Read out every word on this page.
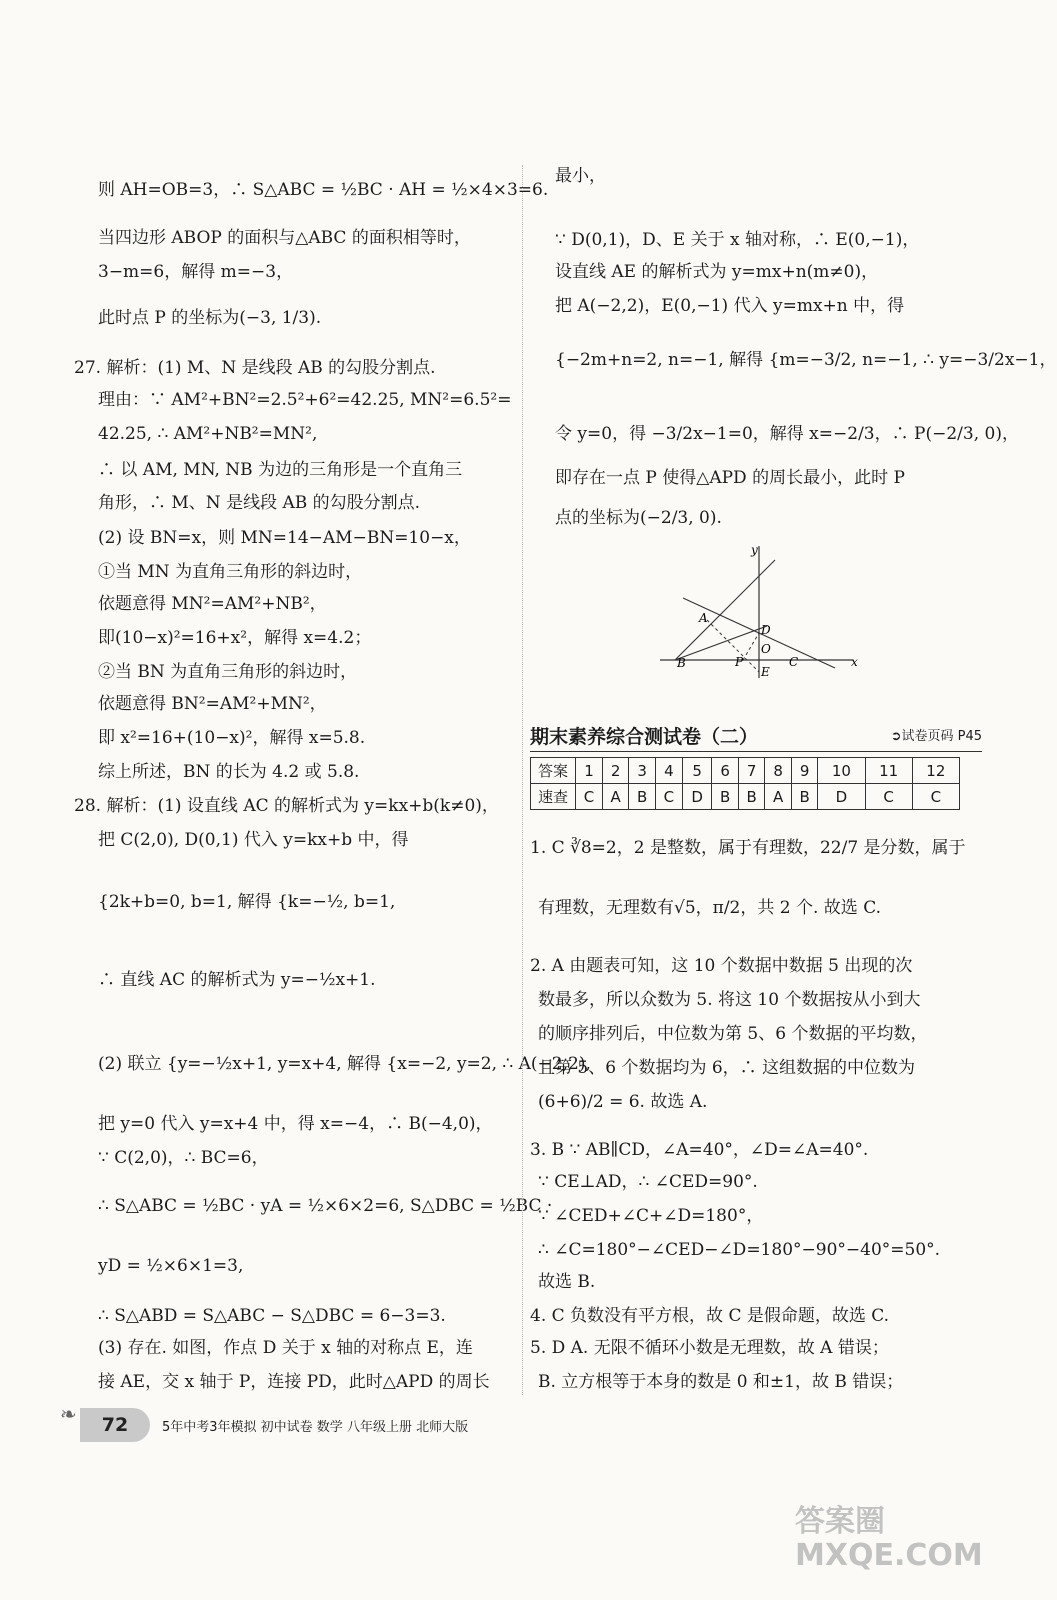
则 AH=OB=3，∴ S△ABC = ½BC · AH = ½×4×3=6.
当四边形 ABOP 的面积与△ABC 的面积相等时，
3−m=6，解得 m=−3，
此时点 P 的坐标为(−3, 1/3).
27. 解析：(1) M、N 是线段 AB 的勾股分割点.
理由：∵ AM²+BN²=2.5²+6²=42.25, MN²=6.5²=
42.25, ∴ AM²+NB²=MN²,
∴ 以 AM, MN, NB 为边的三角形是一个直角三
角形，∴ M、N 是线段 AB 的勾股分割点.
(2) 设 BN=x，则 MN=14−AM−BN=10−x，
①当 MN 为直角三角形的斜边时，
依题意得 MN²=AM²+NB²，
即(10−x)²=16+x²，解得 x=4.2；
②当 BN 为直角三角形的斜边时，
依题意得 BN²=AM²+MN²，
即 x²=16+(10−x)²，解得 x=5.8.
综上所述，BN 的长为 4.2 或 5.8.
28. 解析：(1) 设直线 AC 的解析式为 y=kx+b(k≠0)，
把 C(2,0), D(0,1) 代入 y=kx+b 中，得
{2k+b=0, b=1, 解得 {k=−½, b=1,
∴ 直线 AC 的解析式为 y=−½x+1.
(2) 联立 {y=−½x+1, y=x+4, 解得 {x=−2, y=2, ∴ A(−2,2),
把 y=0 代入 y=x+4 中，得 x=−4，∴ B(−4,0)，
∵ C(2,0)，∴ BC=6，
∴ S△ABC = ½BC · yA = ½×6×2=6, S△DBC = ½BC ·
yD = ½×6×1=3,
∴ S△ABD = S△ABC − S△DBC = 6−3=3.
(3) 存在. 如图，作点 D 关于 x 轴的对称点 E，连
接 AE，交 x 轴于 P，连接 PD，此时△APD 的周长
最小，
∵ D(0,1)，D、E 关于 x 轴对称，∴ E(0,−1)，
设直线 AE 的解析式为 y=mx+n(m≠0)，
把 A(−2,2)，E(0,−1) 代入 y=mx+n 中，得
{−2m+n=2, n=−1, 解得 {m=−3/2, n=−1, ∴ y=−3/2x−1，
令 y=0，得 −3/2x−1=0，解得 x=−2/3，∴ P(−2/3, 0)，
即存在一点 P 使得△APD 的周长最小，此时 P
点的坐标为(−2/3, 0).
y
x
A
B	C
D
O
P
E
期末素养综合测试卷（二）	➲试卷页码 P45
答案	1	2	3	4	5	6	7	8	9	10	11	12
速查	C	A	B	C	D	B	B	A	B	D	C	C
1. C ∛8=2，2 是整数，属于有理数，22/7 是分数，属于
有理数，无理数有√5，π/2，共 2 个. 故选 C.
2. A 由题表可知，这 10 个数据中数据 5 出现的次
数最多，所以众数为 5. 将这 10 个数据按从小到大
的顺序排列后，中位数为第 5、6 个数据的平均数，
且第 5、6 个数据均为 6，∴ 这组数据的中位数为
(6+6)/2 = 6. 故选 A.
3. B ∵ AB∥CD，∠A=40°，∠D=∠A=40°.
∵ CE⊥AD，∴ ∠CED=90°.
∵ ∠CED+∠C+∠D=180°，
∴ ∠C=180°−∠CED−∠D=180°−90°−40°=50°.
故选 B.
4. C 负数没有平方根，故 C 是假命题，故选 C.
5. D A. 无限不循环小数是无理数，故 A 错误；
B. 立方根等于本身的数是 0 和±1，故 B 错误；
❧	72	5年中考3年模拟 初中试卷 数学 八年级上册 北师大版
答案圈
MXQE.COM
